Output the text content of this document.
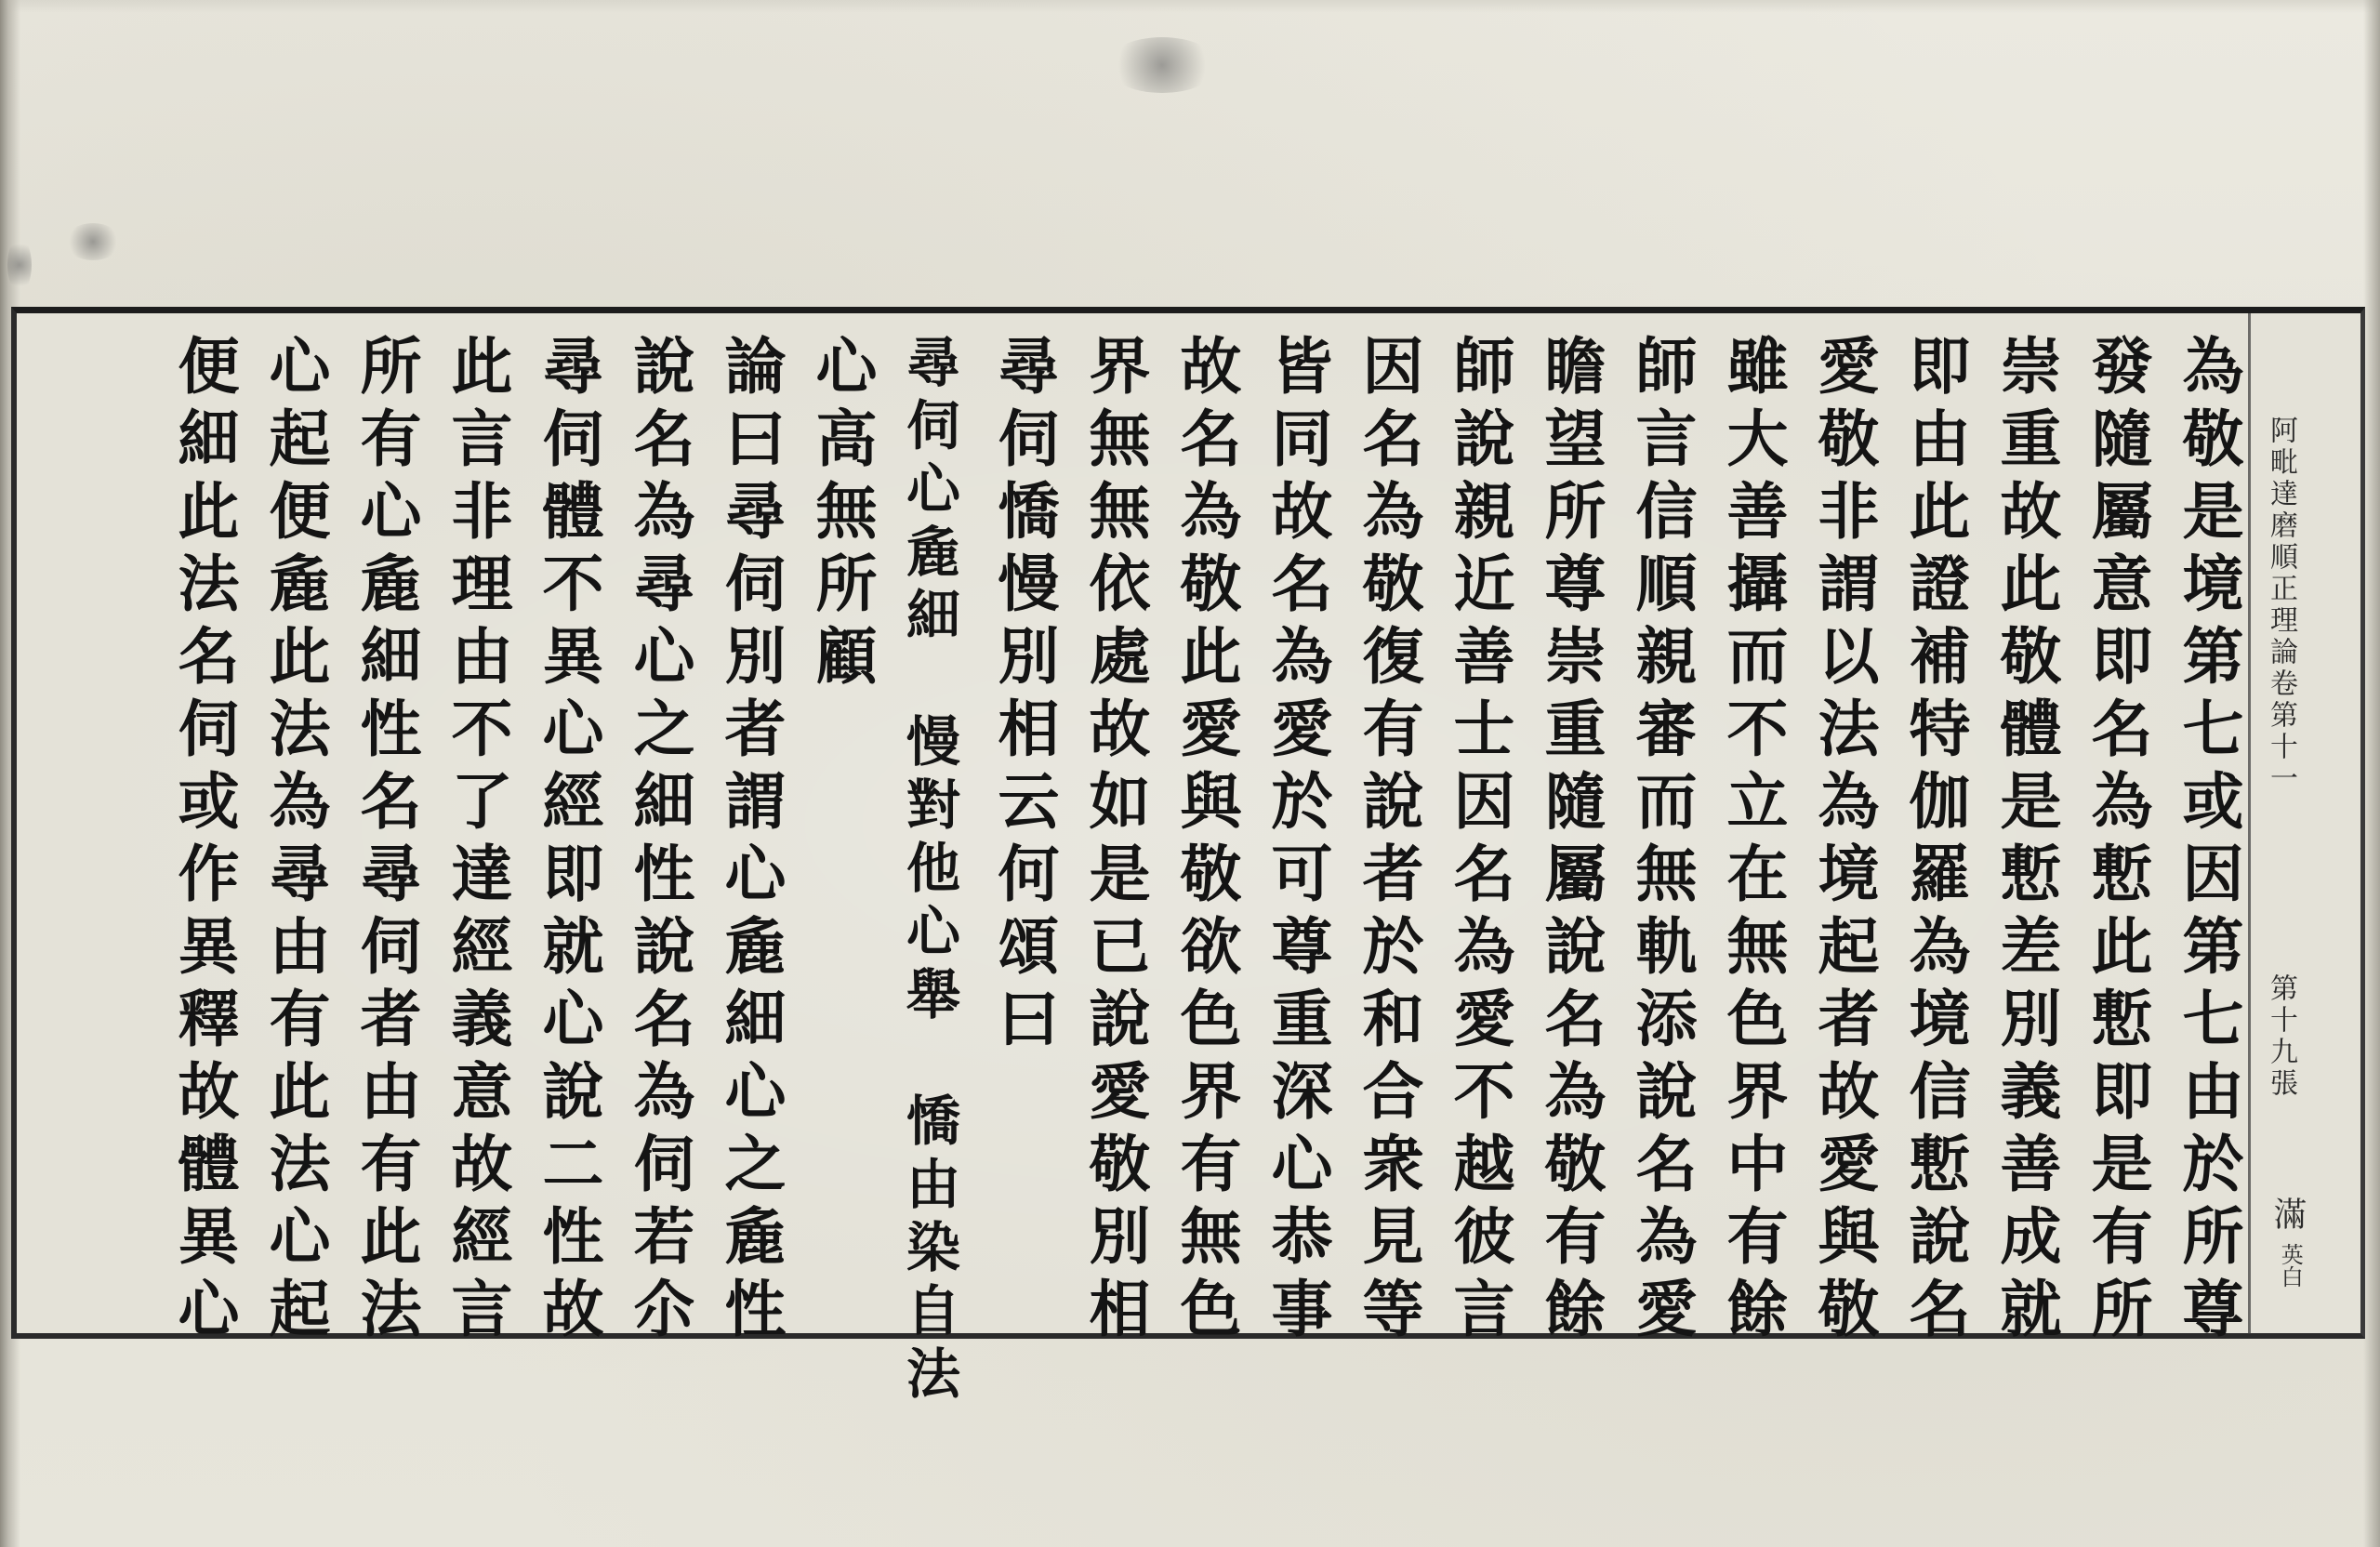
阿毗達磨順正理論卷第十一
第十九張
滿
英白
為敬是境第七或因第七由於所尊
發隨屬意即名為慙此慙即是有所
崇重故此敬體是慙差別義善成就
即由此證補特伽羅為境信慙說名
愛敬非謂以法為境起者故愛與敬
雖大善攝而不立在無色界中有餘
師言信順親審而無軌添說名為愛
瞻望所尊崇重隨屬說名為敬有餘
師說親近善士因名為愛不越彼言
因名為敬復有說者於和合衆見等
皆同故名為愛於可尊重深心恭事
故名為敬此愛與敬欲色界有無色
界無無依處故如是已說愛敬別相
尋伺憍慢別相云何頌曰
尋伺心麁細　慢對他心舉　憍由染自法
心高無所顧
論曰尋伺別者謂心麁細心之麁性
說名為尋心之細性說名為伺若尒
尋伺體不異心經即就心說二性故
此言非理由不了達經義意故經言
所有心麁細性名尋伺者由有此法
心起便麁此法為尋由有此法心起
便細此法名伺或作異釋故體異心
